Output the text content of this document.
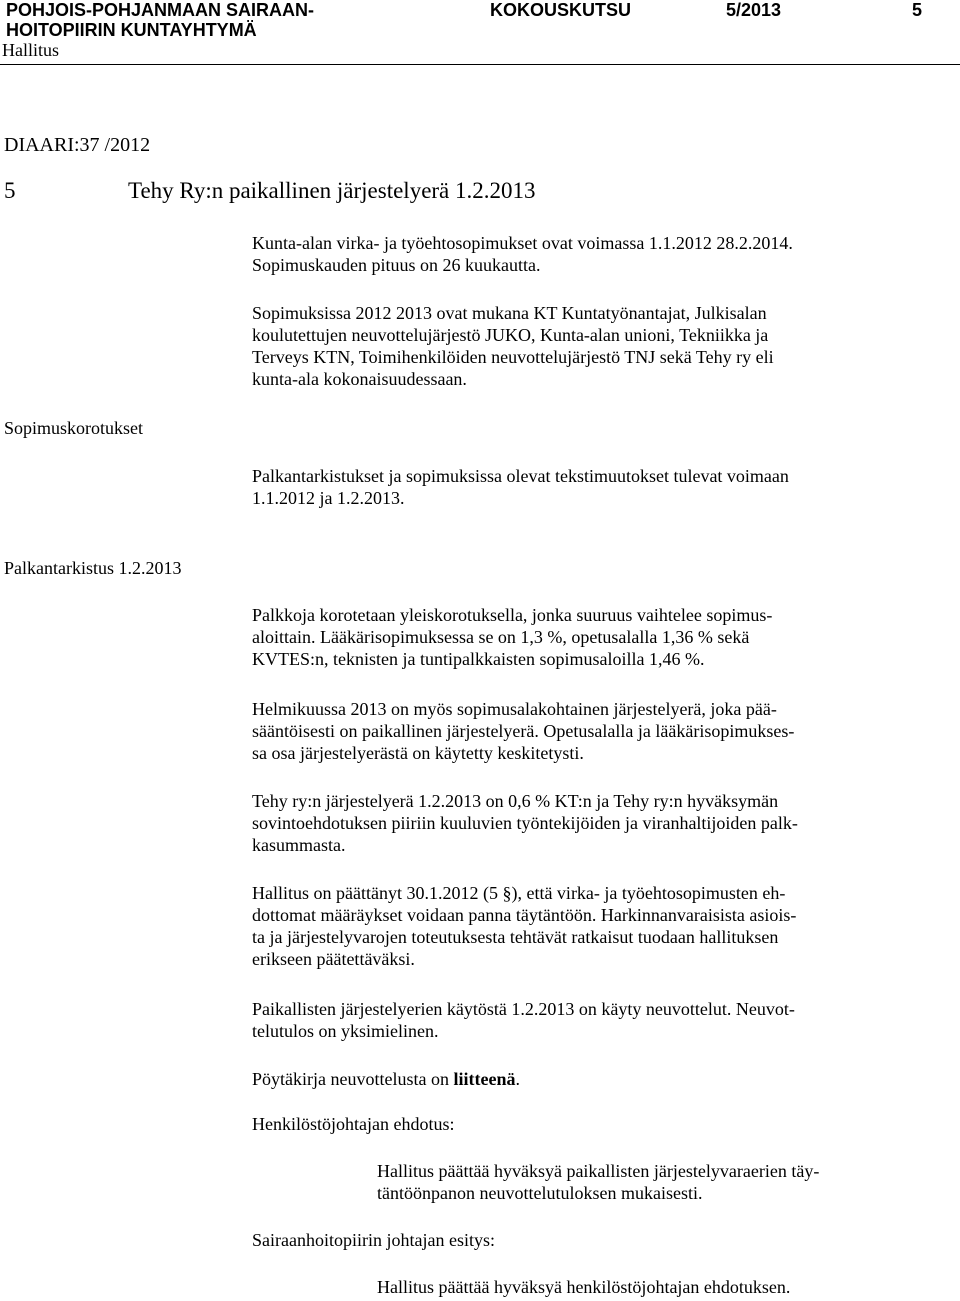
POHJOIS-POHJANMAAN SAIRAAN-
HOITOPIIRIN KUNTAYHTYMÄ
KOKOUSKUTSU	5/2013	5
Hallitus
DIAARI:37 /2012
5	Tehy Ry:n paikallinen järjestelyerä 1.2.2013

Kunta-alan virka- ja työehtosopimukset ovat voimassa 1.1.2012 28.2.2014.
Sopimuskauden pituus on 26 kuukautta.

Sopimuksissa 2012 2013 ovat mukana KT Kuntatyönantajat, Julkisalan
koulutettujen neuvottelujärjestö JUKO, Kunta-alan unioni, Tekniikka ja
Terveys KTN, Toimihenkilöiden neuvottelujärjestö TNJ sekä Tehy ry eli
kunta-ala kokonaisuudessaan.

Sopimuskorotukset

Palkantarkistukset ja sopimuksissa olevat tekstimuutokset tulevat voimaan
1.1.2012 ja 1.2.2013.

Palkantarkistus 1.2.2013

Palkkoja korotetaan yleiskorotuksella, jonka suuruus vaihtelee sopimus-
aloittain. Lääkärisopimuksessa se on 1,3 %, opetusalalla 1,36 % sekä
KVTES:n, teknisten ja tuntipalkkaisten sopimusaloilla 1,46 %.

Helmikuussa 2013 on myös sopimusalakohtainen järjestelyerä, joka pää-
sääntöisesti on paikallinen järjestelyerä. Opetusalalla ja lääkärisopimukses-
sa osa järjestelyerästä on käytetty keskitetysti.

Tehy ry:n järjestelyerä 1.2.2013 on 0,6 % KT:n ja Tehy ry:n hyväksymän
sovintoehdotuksen piiriin kuuluvien työntekijöiden ja viranhaltijoiden palk-
kasummasta.

Hallitus on päättänyt 30.1.2012 (5 §), että virka- ja työehtosopimusten eh-
dottomat määräykset voidaan panna täytäntöön. Harkinnanvaraisista asiois-
ta ja järjestelyvarojen toteutuksesta tehtävät ratkaisut tuodaan hallituksen
erikseen päätettäväksi.

Paikallisten järjestelyerien käytöstä 1.2.2013 on käyty neuvottelut. Neuvot-
telutulos on yksimielinen.

Pöytäkirja neuvottelusta on liitteenä.

Henkilöstöjohtajan ehdotus:

Hallitus päättää hyväksyä paikallisten järjestelyvaraerien täy-
täntöönpanon neuvottelutuloksen mukaisesti.

Sairaanhoitopiirin johtajan esitys:

Hallitus päättää hyväksyä henkilöstöjohtajan ehdotuksen.
